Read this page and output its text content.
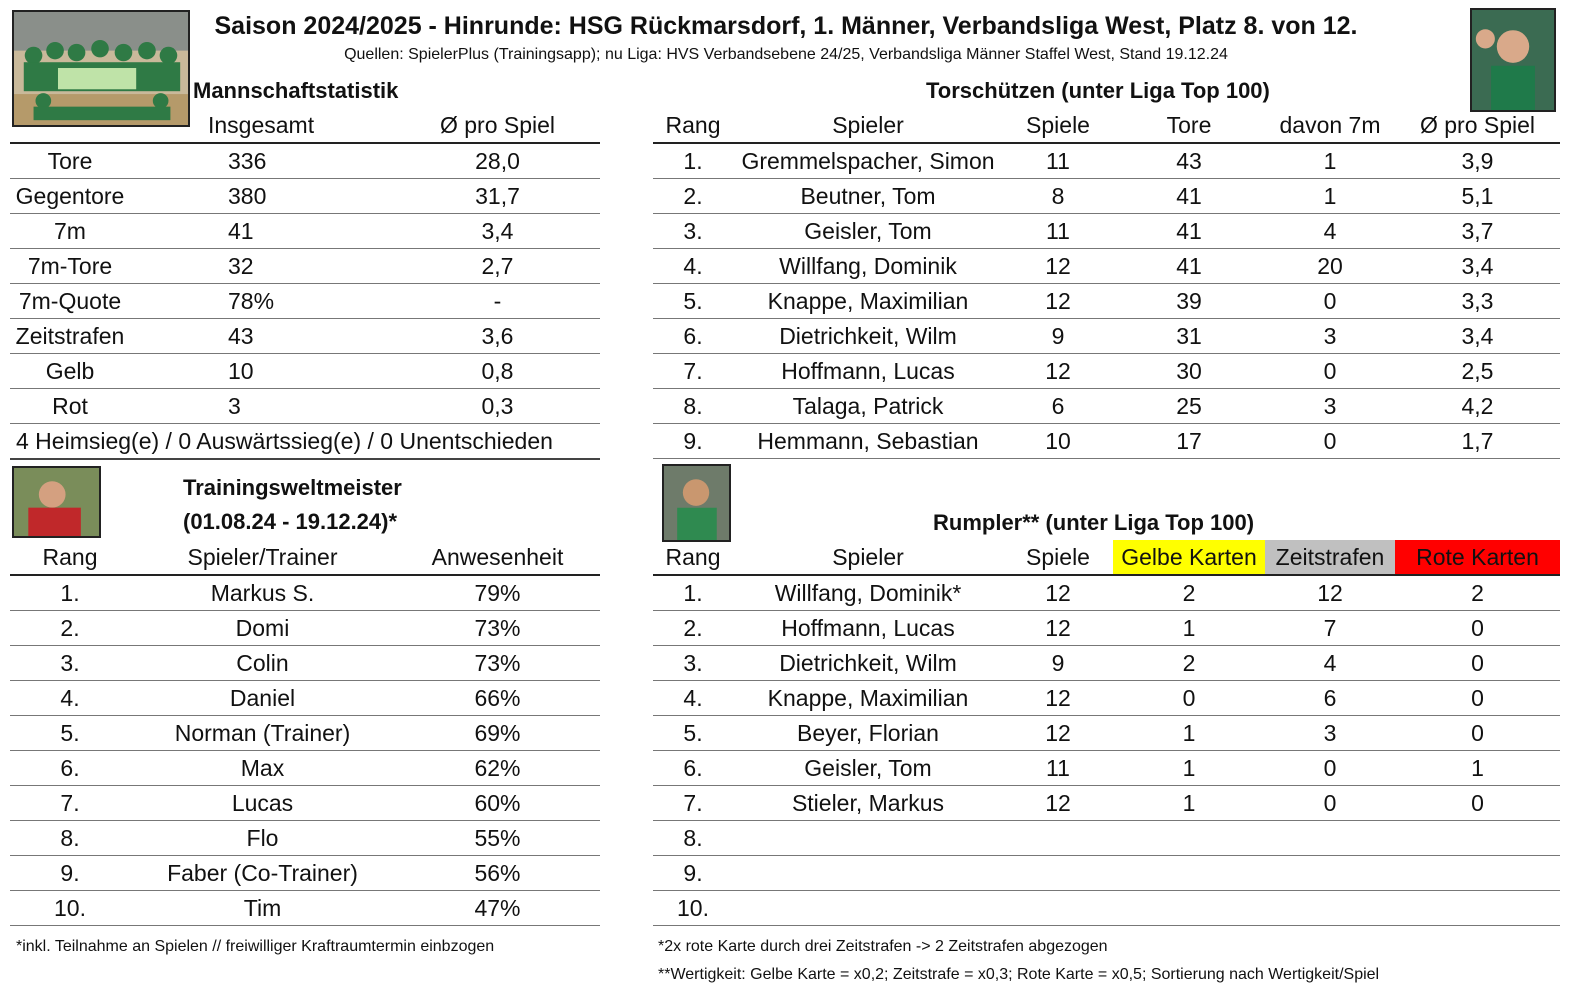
Saison 2024/2025 - Hinrunde: HSG Rückmarsdorf, 1. Männer, Verbandsliga West, Platz 8. von 12.
Quellen: SpielerPlus (Trainingsapp); nu Liga: HVS Verbandsebene 24/25, Verbandsliga Männer Staffel West, Stand 19.12.24
Mannschaftstatistik
	Insgesamt	Ø pro Spiel
Tore	336	28,0
Gegentore	380	31,7
7m	41	3,4
7m-Tore	32	2,7
7m-Quote	78%	-
Zeitstrafen	43	3,6
Gelb	10	0,8
Rot	3	0,3
4 Heimsieg(e) / 0 Auswärtssieg(e) / 0 Unentschieden		
Torschützen (unter Liga Top 100)
Rang	Spieler	Spiele	Tore	davon 7m	Ø pro Spiel
1.	Gremmelspacher, Simon	11	43	1	3,9
2.	Beutner, Tom	8	41	1	5,1
3.	Geisler, Tom	11	41	4	3,7
4.	Willfang, Dominik	12	41	20	3,4
5.	Knappe, Maximilian	12	39	0	3,3
6.	Dietrichkeit, Wilm	9	31	3	3,4
7.	Hoffmann, Lucas	12	30	0	2,5
8.	Talaga, Patrick	6	25	3	4,2
9.	Hemmann, Sebastian	10	17	0	1,7
Trainingsweltmeister
(01.08.24 - 19.12.24)*
Rang	Spieler/Trainer	Anwesenheit
1.	Markus S.	79%
2.	Domi	73%
3.	Colin	73%
4.	Daniel	66%
5.	Norman (Trainer)	69%
6.	Max	62%
7.	Lucas	60%
8.	Flo	55%
9.	Faber (Co-Trainer)	56%
10.	Tim	47%
*inkl. Teilnahme an Spielen // freiwilliger Kraftraumtermin einbzogen
Rumpler** (unter Liga Top 100)
Rang	Spieler	Spiele	Gelbe Karten	Zeitstrafen	Rote Karten
1.	Willfang, Dominik*	12	2	12	2
2.	Hoffmann, Lucas	12	1	7	0
3.	Dietrichkeit, Wilm	9	2	4	0
4.	Knappe, Maximilian	12	0	6	0
5.	Beyer, Florian	12	1	3	0
6.	Geisler, Tom	11	1	0	1
7.	Stieler, Markus	12	1	0	0
8.					
9.					
10.					
*2x rote Karte durch drei Zeitstrafen -> 2 Zeitstrafen abgezogen
**Wertigkeit: Gelbe Karte = x0,2; Zeitstrafe = x0,3; Rote Karte = x0,5; Sortierung nach Wertigkeit/Spiel
